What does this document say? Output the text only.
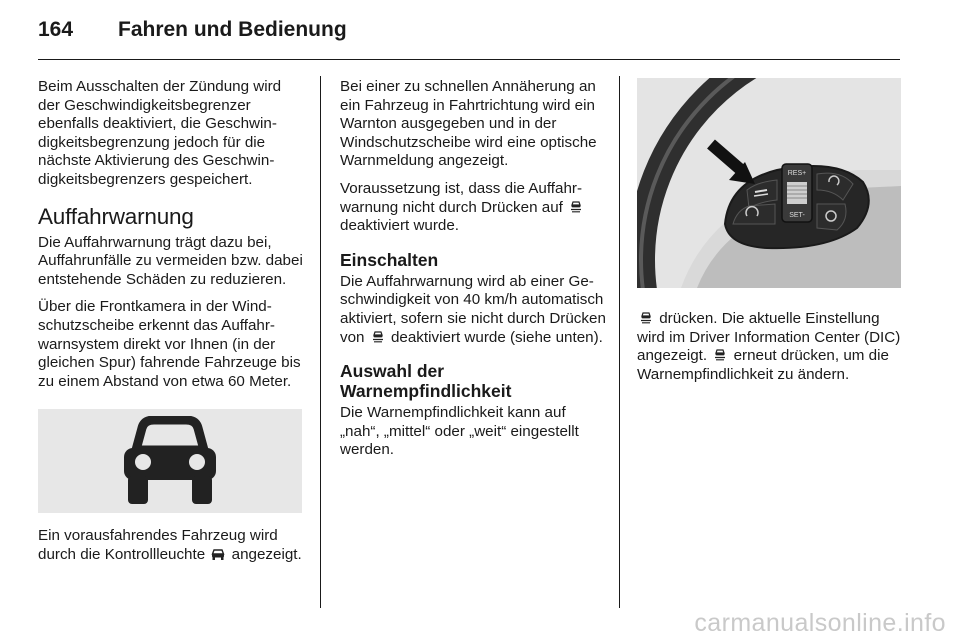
164	Fahren und Bedienung

Beim Ausschalten der Zündung wird der Geschwindigkeitsbegrenzer ebenfalls deaktiviert, die Geschwindigkeitsbegrenzung jedoch für die nächste Aktivierung des Geschwindigkeitsbegrenzers gespeichert.

Auffahrwarnung

Die Auffahrwarnung trägt dazu bei, Auffahrunfälle zu vermeiden bzw. dabei entstehende Schäden zu reduzieren.

Über die Frontkamera in der Windschutzscheibe erkennt das Auffahrwarnsystem direkt vor Ihnen (in der gleichen Spur) fahrende Fahrzeuge bis zu einem Abstand von etwa 60 Meter.

Ein vorausfahrendes Fahrzeug wird durch die Kontrollleuchte angezeigt.

Bei einer zu schnellen Annäherung an ein Fahrzeug in Fahrtrichtung wird ein Warnton ausgegeben und in der Windschutzscheibe wird eine optische Warnmeldung angezeigt.

Voraussetzung ist, dass die Auffahrwarnung nicht durch Drücken auf
deaktiviert wurde.

Einschalten

Die Auffahrwarnung wird ab einer Geschwindigkeit von 40 km/h automatisch aktiviert, sofern sie nicht durch Drücken von deaktiviert wurde (siehe unten).

Auswahl der Warnempfindlichkeit

Die Warnempfindlichkeit kann auf „nah“, „mittel“ oder „weit“ eingestellt werden.

RES+
SET-

drücken. Die aktuelle Einstellung wird im Driver Information Center (DIC) angezeigt. erneut drücken, um die Warnempfindlichkeit zu ändern.

carmanualsonline.info
